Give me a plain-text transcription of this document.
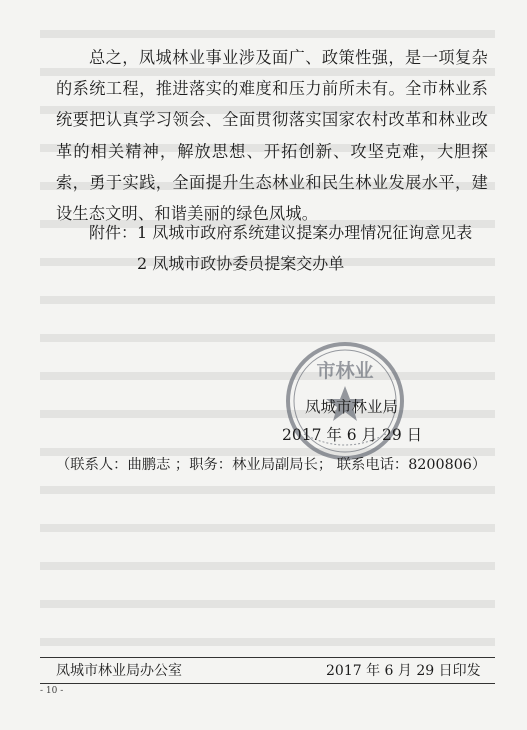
总之，凤城林业事业涉及面广、政策性强，是一项复杂的系统工程，推进落实的难度和压力前所未有。全市林业系统要把认真学习领会、全面贯彻落实国家农村改革和林业改革的相关精神，解放思想、开拓创新、攻坚克难，大胆探索，勇于实践，全面提升生态林业和民生林业发展水平，建设生态文明、和谐美丽的绿色凤城。

附件：1 凤城市政府系统建议提案办理情况征询意见表
2 凤城市政协委员提案交办单
市林业
凤城市林业局
2017 年 6 月 29 日
（联系人：曲鹏志 ；职务：林业局副局长； 联系电话：8200806）
凤城市林业局办公室	2017 年 6 月 29 日印发
- 10 -
